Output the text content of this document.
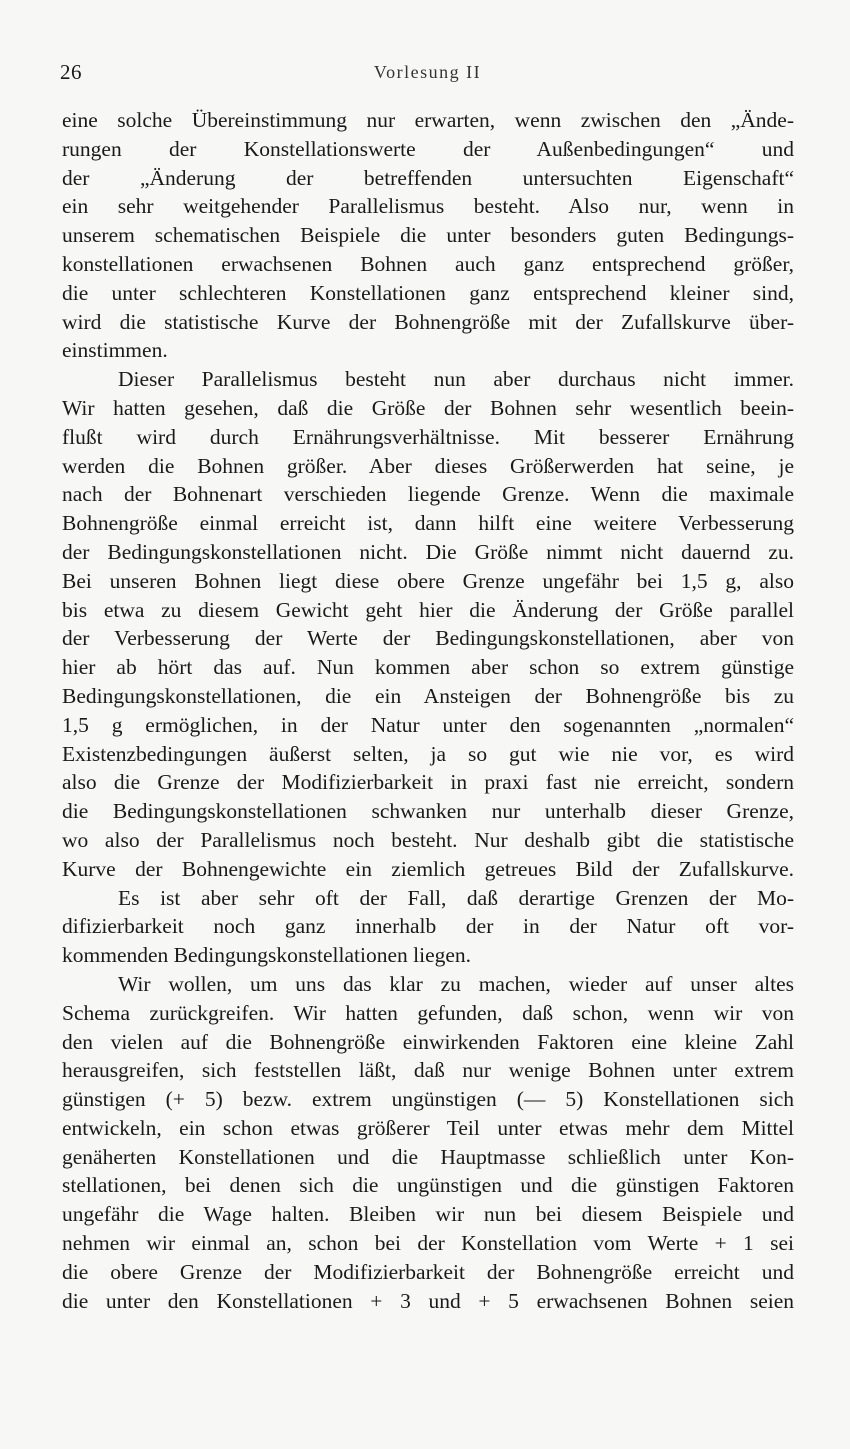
26	Vorlesung II
eine solche Übereinstimmung nur erwarten, wenn zwischen den „Ände-
rungen der Konstellationswerte der Außenbedingungen“ und
der „Änderung der betreffenden untersuchten Eigenschaft“
ein sehr weitgehender Parallelismus besteht. Also nur, wenn in
unserem schematischen Beispiele die unter besonders guten Bedingungs-
konstellationen erwachsenen Bohnen auch ganz entsprechend größer,
die unter schlechteren Konstellationen ganz entsprechend kleiner sind,
wird die statistische Kurve der Bohnengröße mit der Zufallskurve über-
einstimmen.
Dieser Parallelismus besteht nun aber durchaus nicht immer.
Wir hatten gesehen, daß die Größe der Bohnen sehr wesentlich beein-
flußt wird durch Ernährungsverhältnisse. Mit besserer Ernährung
werden die Bohnen größer. Aber dieses Größerwerden hat seine, je
nach der Bohnenart verschieden liegende Grenze. Wenn die maximale
Bohnengröße einmal erreicht ist, dann hilft eine weitere Verbesserung
der Bedingungskonstellationen nicht. Die Größe nimmt nicht dauernd zu.
Bei unseren Bohnen liegt diese obere Grenze ungefähr bei 1,5 g, also
bis etwa zu diesem Gewicht geht hier die Änderung der Größe parallel
der Verbesserung der Werte der Bedingungskonstellationen, aber von
hier ab hört das auf. Nun kommen aber schon so extrem günstige
Bedingungskonstellationen, die ein Ansteigen der Bohnengröße bis zu
1,5 g ermöglichen, in der Natur unter den sogenannten „normalen“
Existenzbedingungen äußerst selten, ja so gut wie nie vor, es wird
also die Grenze der Modifizierbarkeit in praxi fast nie erreicht, sondern
die Bedingungskonstellationen schwanken nur unterhalb dieser Grenze,
wo also der Parallelismus noch besteht. Nur deshalb gibt die statistische
Kurve der Bohnengewichte ein ziemlich getreues Bild der Zufallskurve.
Es ist aber sehr oft der Fall, daß derartige Grenzen der Mo-
difizierbarkeit noch ganz innerhalb der in der Natur oft vor-
kommenden Bedingungskonstellationen liegen.
Wir wollen, um uns das klar zu machen, wieder auf unser altes
Schema zurückgreifen. Wir hatten gefunden, daß schon, wenn wir von
den vielen auf die Bohnengröße einwirkenden Faktoren eine kleine Zahl
herausgreifen, sich feststellen läßt, daß nur wenige Bohnen unter extrem
günstigen (+ 5) bezw. extrem ungünstigen (— 5) Konstellationen sich
entwickeln, ein schon etwas größerer Teil unter etwas mehr dem Mittel
genäherten Konstellationen und die Hauptmasse schließlich unter Kon-
stellationen, bei denen sich die ungünstigen und die günstigen Faktoren
ungefähr die Wage halten. Bleiben wir nun bei diesem Beispiele und
nehmen wir einmal an, schon bei der Konstellation vom Werte + 1 sei
die obere Grenze der Modifizierbarkeit der Bohnengröße erreicht und
die unter den Konstellationen + 3 und + 5 erwachsenen Bohnen seien
